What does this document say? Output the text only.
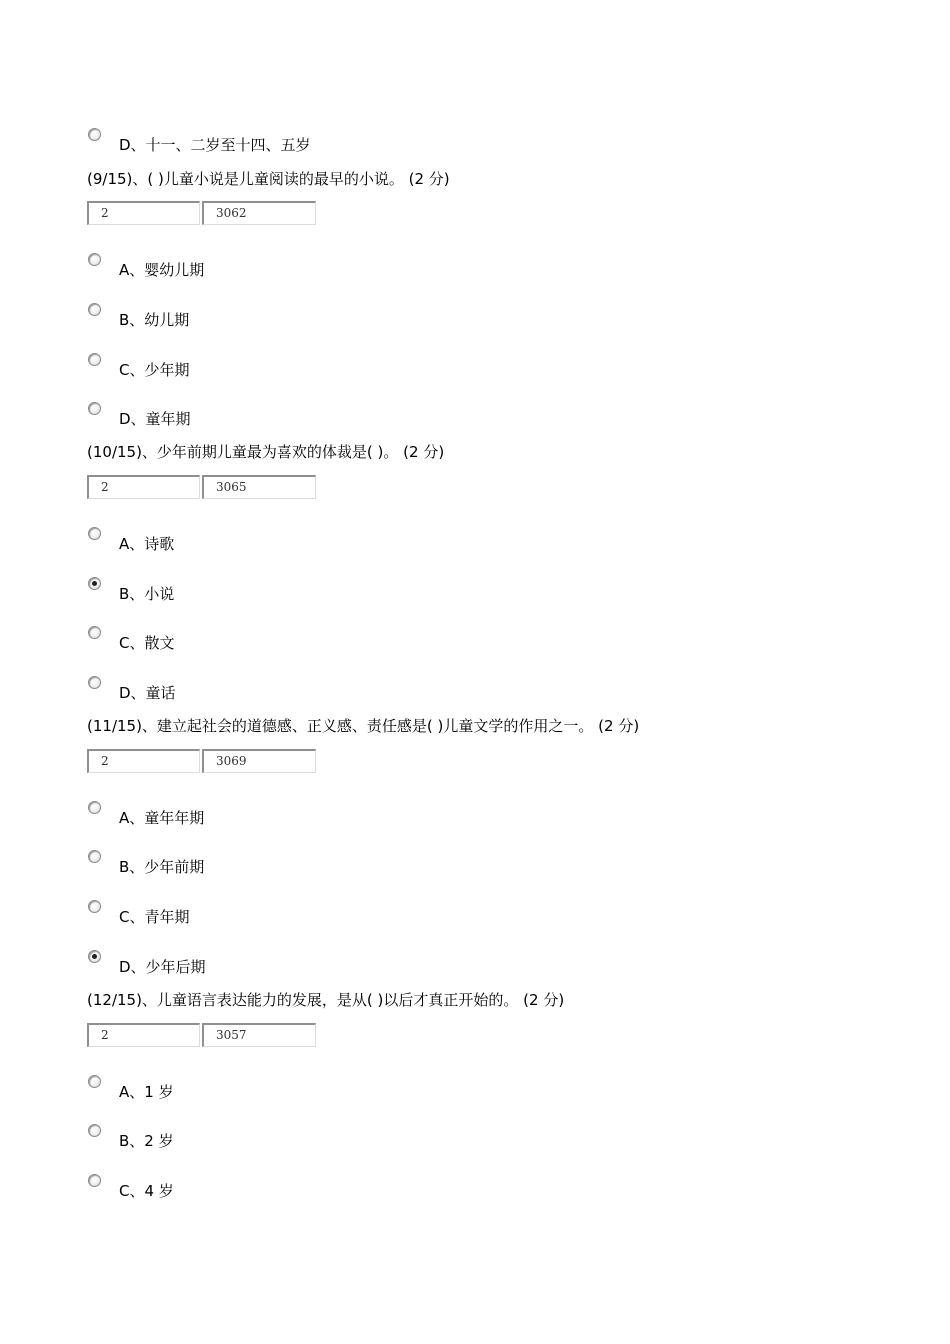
D、十一、二岁至十四、五岁
(9/15)、( )儿童小说是儿童阅读的最早的小说。 (2 分)
2	3062
A、婴幼儿期
B、幼儿期
C、少年期
D、童年期
(10/15)、少年前期儿童最为喜欢的体裁是( )。 (2 分)
2	3065
A、诗歌
B、小说
C、散文
D、童话
(11/15)、建立起社会的道德感、正义感、责任感是( )儿童文学的作用之一。 (2 分)
2	3069
A、童年年期
B、少年前期
C、青年期
D、少年后期
(12/15)、儿童语言表达能力的发展，是从( )以后才真正开始的。 (2 分)
2	3057
A、1 岁
B、2 岁
C、4 岁
